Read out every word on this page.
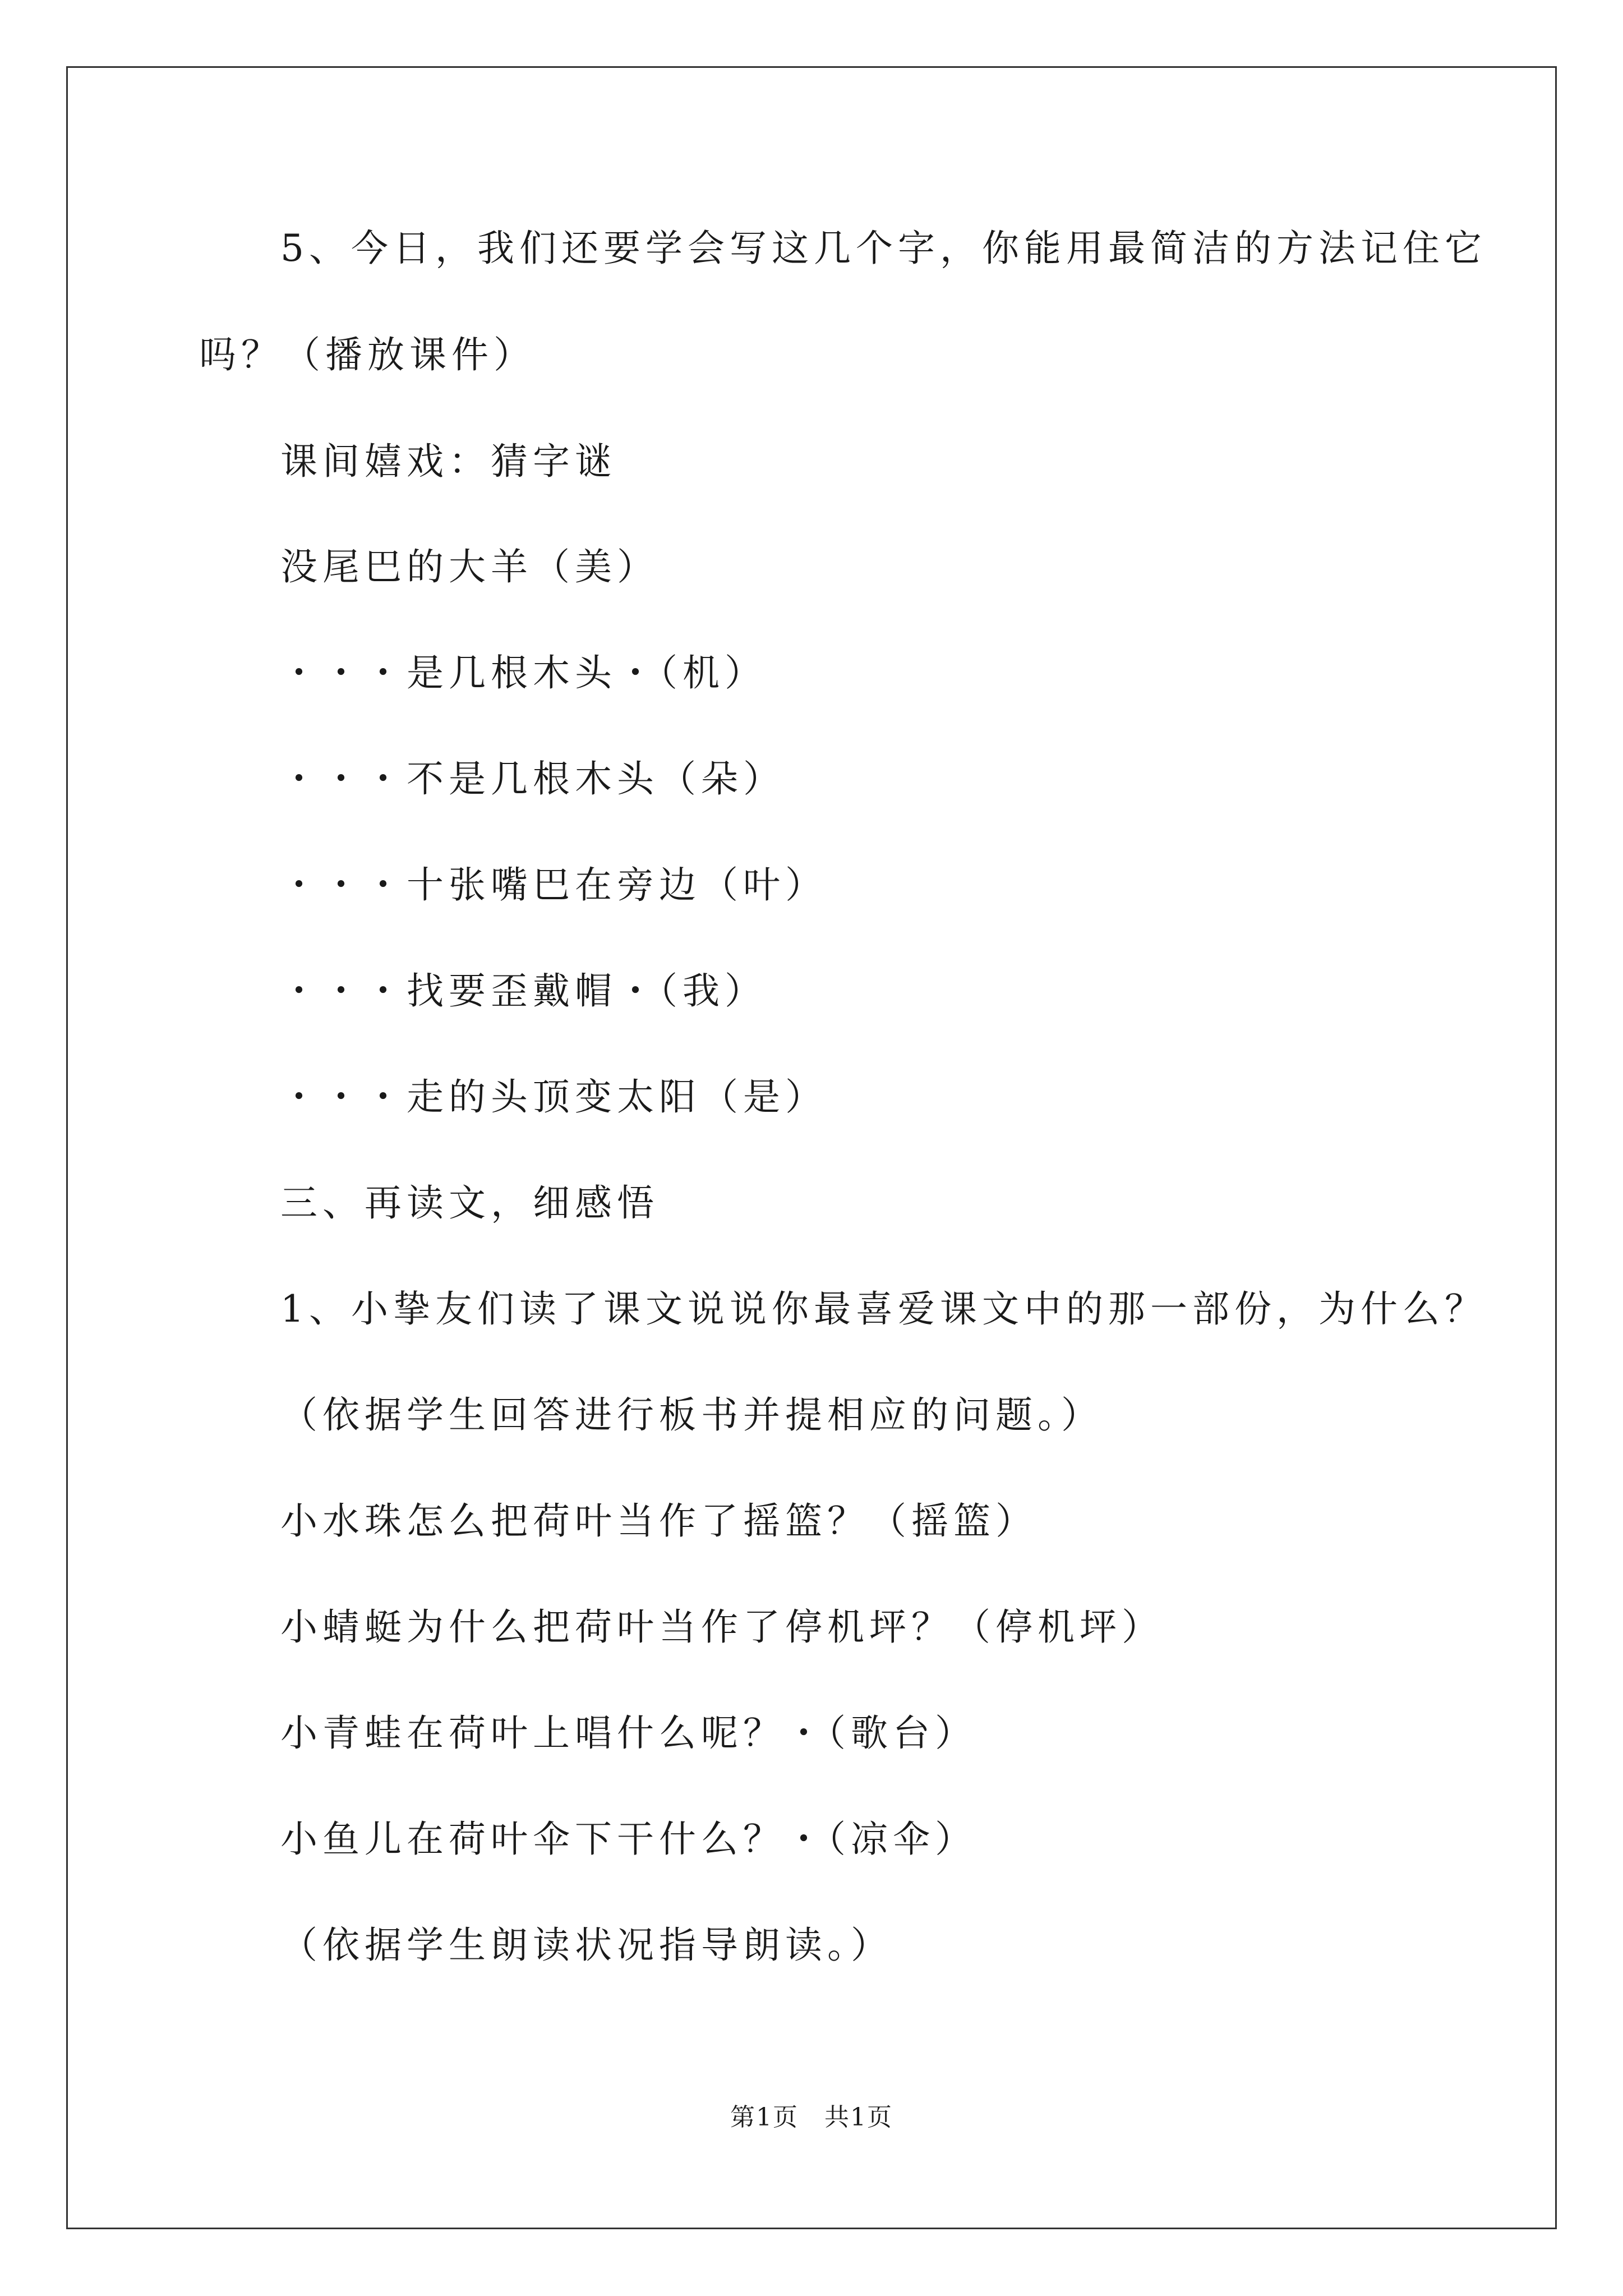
5、今日，我们还要学会写这几个字，你能用最简洁的方法记住它
吗？（播放课件）
课间嬉戏：猜字谜
没尾巴的大羊（美）
・・・是几根木头・（机）
・・・不是几根木头（朵）
・・・十张嘴巴在旁边（叶）
・・・找要歪戴帽・（我）
・・・走的头顶变太阳（是）
三、再读文，细感悟
1、小挚友们读了课文说说你最喜爱课文中的那一部份，为什么？
（依据学生回答进行板书并提相应的问题。）
小水珠怎么把荷叶当作了摇篮？（摇篮）
小蜻蜓为什么把荷叶当作了停机坪？（停机坪）
小青蛙在荷叶上唱什么呢？・（歌台）
小鱼儿在荷叶伞下干什么？・（凉伞）
（依据学生朗读状况指导朗读。）
第1页　共1页
